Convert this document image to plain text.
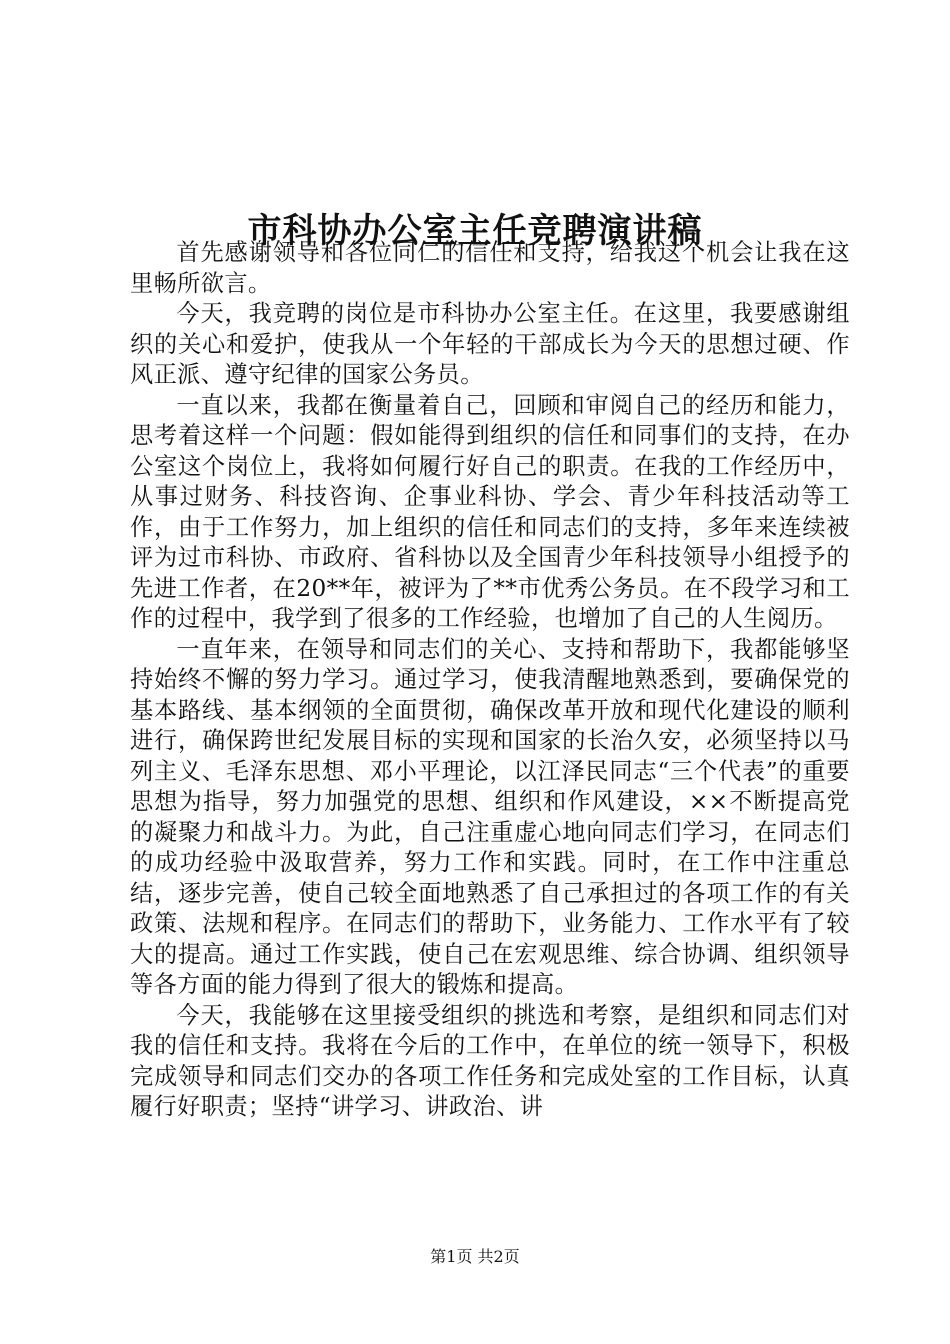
市科协办公室主任竞聘演讲稿

首先感谢领导和各位同仁的信任和支持，给我这个机会让我在这里畅所欲言。

今天，我竞聘的岗位是市科协办公室主任。在这里，我要感谢组织的关心和爱护，使我从一个年轻的干部成长为今天的思想过硬、作风正派、遵守纪律的国家公务员。

一直以来，我都在衡量着自己，回顾和审阅自己的经历和能力，思考着这样一个问题：假如能得到组织的信任和同事们的支持，在办公室这个岗位上，我将如何履行好自己的职责。在我的工作经历中，从事过财务、科技咨询、企事业科协、学会、青少年科技活动等工作，由于工作努力，加上组织的信任和同志们的支持，多年来连续被评为过市科协、市政府、省科协以及全国青少年科技领导小组授予的先进工作者，在20**年，被评为了**市优秀公务员。在不段学习和工作的过程中，我学到了很多的工作经验，也增加了自己的人生阅历。

一直年来，在领导和同志们的关心、支持和帮助下，我都能够坚持始终不懈的努力学习。通过学习，使我清醒地熟悉到，要确保党的基本路线、基本纲领的全面贯彻，确保改革开放和现代化建设的顺利进行，确保跨世纪发展目标的实现和国家的长治久安，必须坚持以马列主义、毛泽东思想、邓小平理论，以江泽民同志“三个代表”的重要思想为指导，努力加强党的思想、组织和作风建设，××不断提高党的凝聚力和战斗力。为此，自己注重虚心地向同志们学习，在同志们的成功经验中汲取营养，努力工作和实践。同时，在工作中注重总结，逐步完善，使自己较全面地熟悉了自己承担过的各项工作的有关政策、法规和程序。在同志们的帮助下，业务能力、工作水平有了较大的提高。通过工作实践，使自己在宏观思维、综合协调、组织领导等各方面的能力得到了很大的锻炼和提高。

今天，我能够在这里接受组织的挑选和考察，是组织和同志们对我的信任和支持。我将在今后的工作中，在单位的统一领导下，积极完成领导和同志们交办的各项工作任务和完成处室的工作目标，认真履行好职责；坚持“讲学习、讲政治、讲

第1页 共2页
